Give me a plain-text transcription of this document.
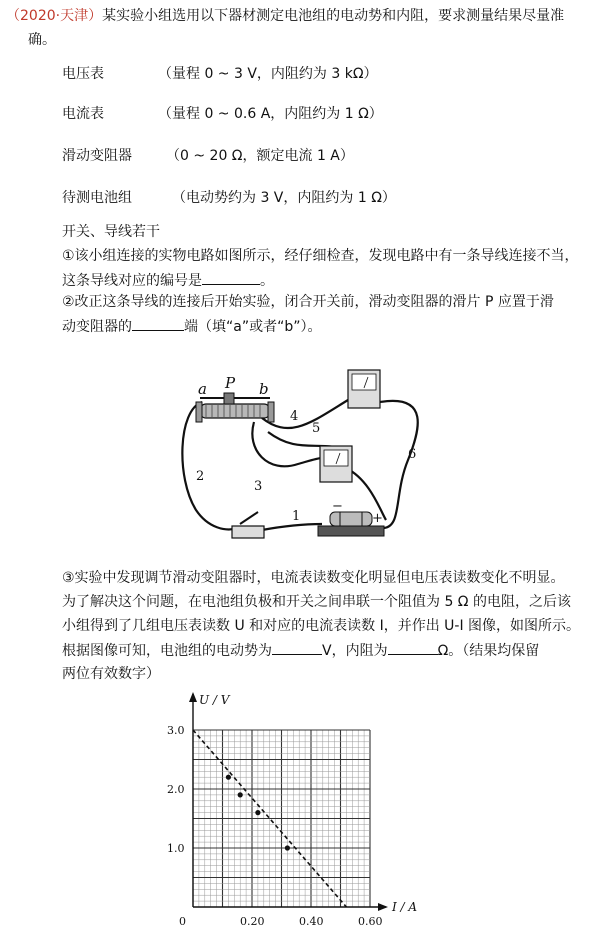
（2020·天津）某实验小组选用以下器材测定电池组的电动势和内阻，要求测量结果尽量准
确。
电压表	（量程 0 ~ 3 V，内阻约为 3 kΩ）
电流表	（量程 0 ~ 0.6 A，内阻约为 1 Ω）
滑动变阻器 （0 ~ 20 Ω，额定电流 1 A）
待测电池组	（电动势约为 3 V，内阻约为 1 Ω）
开关、导线若干
①该小组连接的实物电路如图所示，经仔细检查，发现电路中有一条导线连接不当，
这条导线对应的编号是	。
②改正这条导线的连接后开始实验，闭合开关前，滑动变阻器的滑片 P 应置于滑
动变阻器的	端（填“a”或者“b”）。
a P b
4
5
2
3
1
6
−
+
③实验中发现调节滑动变阻器时，电流表读数变化明显但电压表读数变化不明显。
为了解决这个问题，在电池组负极和开关之间串联一个阻值为 5 Ω 的电阻，之后该
小组得到了几组电压表读数 U 和对应的电流表读数 I，并作出 U-I 图像，如图所示。
根据图像可知，电池组的电动势为	V，内阻为	Ω。（结果均保留
两位有效数字）
1.0
2.0
3.0
0.20	0.40	0.60
0
U / V
I / A
